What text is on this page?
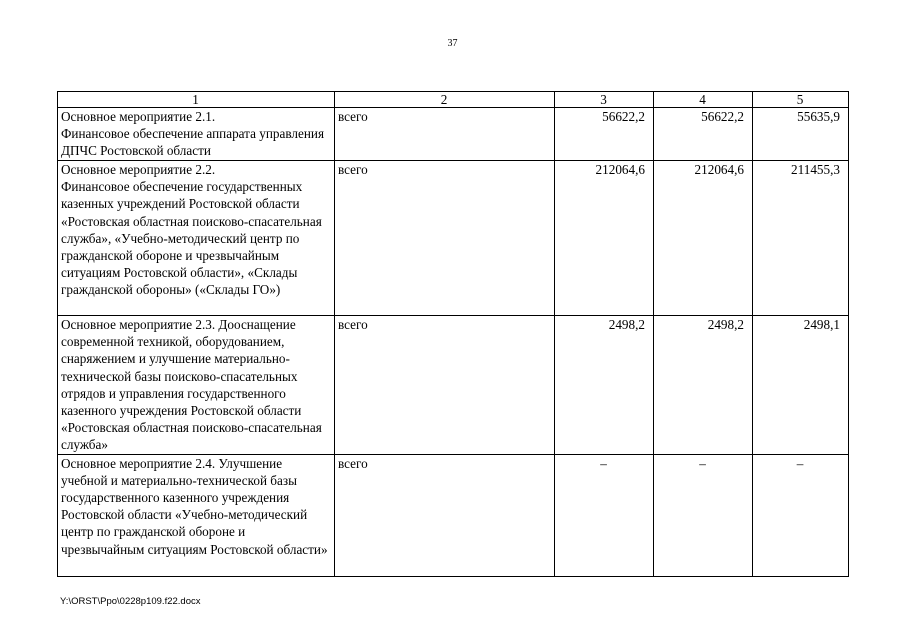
37
1	2	3	4	5
Основное мероприятие 2.1.
Финансовое обеспечение аппарата управления ДПЧС Ростовской области	всего	56622,2	56622,2	55635,9
Основное мероприятие 2.2.
Финансовое обеспечение государственных казенных учреждений Ростовской области «Ростовская областная поисково-спасательная служба», «Учебно-методический центр по гражданской обороне и чрезвычайным ситуациям Ростовской области», «Склады гражданской обороны» («Склады ГО»)	всего	212064,6	212064,6	211455,3
Основное мероприятие 2.3. Дооснащение современной техникой, оборудованием, снаряжением и улучшение материально-технической базы поисково-спасательных отрядов и управления государственного казенного учреждения Ростовской области «Ростовская областная поисково-спасательная служба»	всего	2498,2	2498,2	2498,1
Основное мероприятие 2.4. Улучшение учебной и материально-технической базы государственного казенного учреждения Ростовской области «Учебно-методический центр по гражданской обороне и чрезвычайным ситуациям Ростовской области»	всего	–	–	–
Y:\ORST\Ppo\0228p109.f22.docx
